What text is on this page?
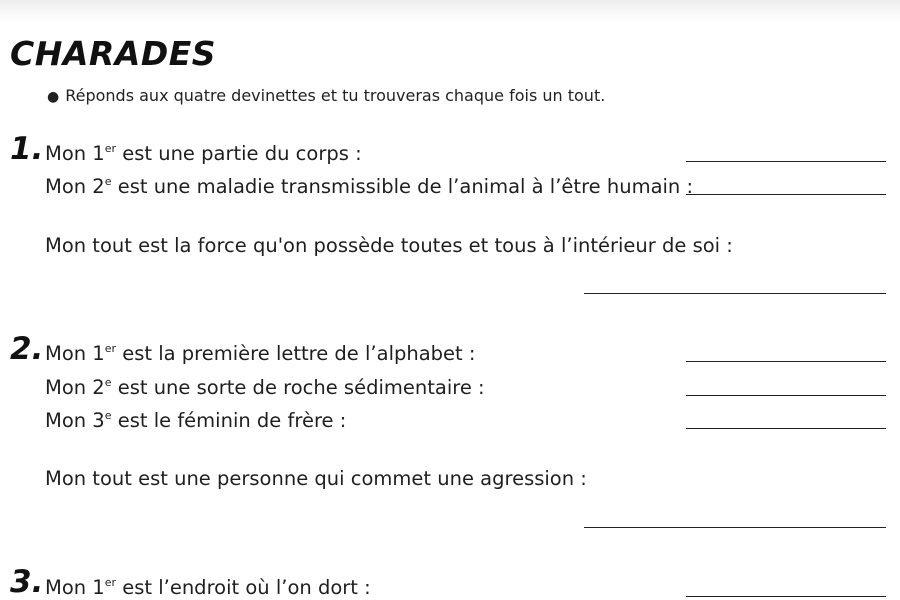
CHARADES
● Réponds aux quatre devinettes et tu trouveras chaque fois un tout.
1. Mon 1er est une partie du corps :
Mon 2e est une maladie transmissible de l’animal à l’être humain :
Mon tout est la force qu'on possède toutes et tous à l’intérieur de soi :
2. Mon 1er est la première lettre de l’alphabet :
Mon 2e est une sorte de roche sédimentaire :
Mon 3e est le féminin de frère :
Mon tout est une personne qui commet une agression :
3. Mon 1er est l’endroit où l’on dort :
